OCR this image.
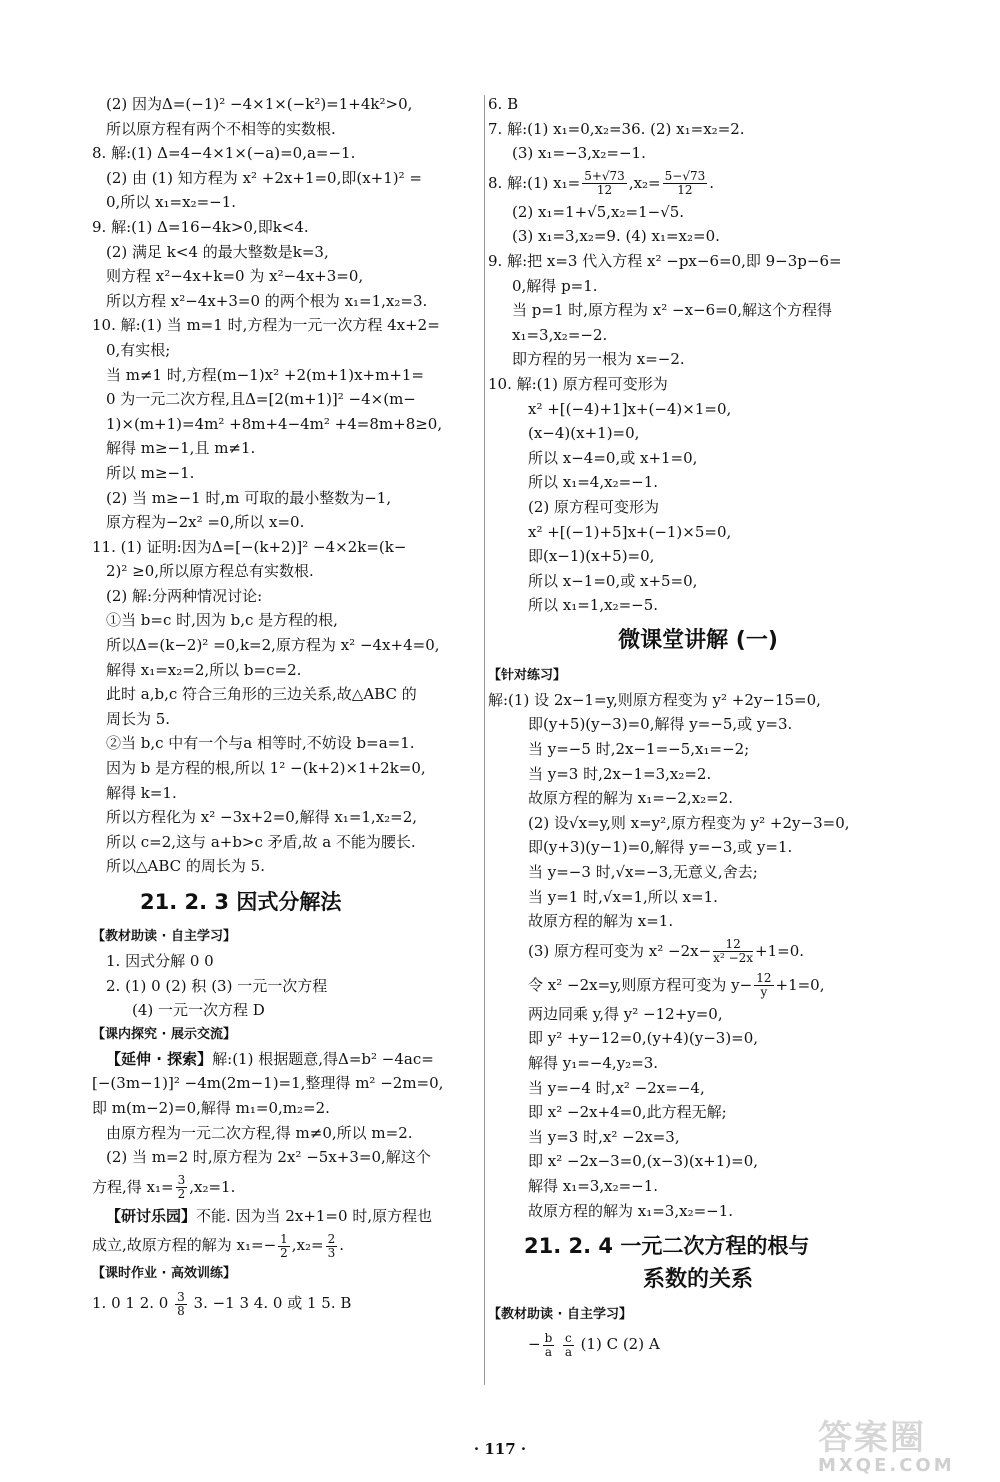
(2) 因为Δ=(−1)² −4×1×(−k²)=1+4k²>0,
所以原方程有两个不相等的实数根.
8. 解:(1) Δ=4−4×1×(−a)=0,a=−1.
(2) 由 (1) 知方程为 x² +2x+1=0,即(x+1)² =
0,所以 x₁=x₂=−1.
9. 解:(1) Δ=16−4k>0,即k<4.
(2) 满足 k<4 的最大整数是k=3,
则方程 x²−4x+k=0 为 x²−4x+3=0,
所以方程 x²−4x+3=0 的两个根为 x₁=1,x₂=3.
10. 解:(1) 当 m=1 时,方程为一元一次方程 4x+2=
0,有实根;
当 m≠1 时,方程(m−1)x² +2(m+1)x+m+1=
0 为一元二次方程,且Δ=[2(m+1)]² −4×(m−
1)×(m+1)=4m² +8m+4−4m² +4=8m+8≥0,
解得 m≥−1,且 m≠1.
所以 m≥−1.
(2) 当 m≥−1 时,m 可取的最小整数为−1,
原方程为−2x² =0,所以 x=0.
11. (1) 证明:因为Δ=[−(k+2)]² −4×2k=(k−
2)² ≥0,所以原方程总有实数根.
(2) 解:分两种情况讨论:
①当 b=c 时,因为 b,c 是方程的根,
所以Δ=(k−2)² =0,k=2,原方程为 x² −4x+4=0,
解得 x₁=x₂=2,所以 b=c=2.
此时 a,b,c 符合三角形的三边关系,故△ABC 的
周长为 5.
②当 b,c 中有一个与a 相等时,不妨设 b=a=1.
因为 b 是方程的根,所以 1² −(k+2)×1+2k=0,
解得 k=1.
所以方程化为 x² −3x+2=0,解得 x₁=1,x₂=2,
所以 c=2,这与 a+b>c 矛盾,故 a 不能为腰长.
所以△ABC 的周长为 5.
21. 2. 3 因式分解法
【教材助读 · 自主学习】
1. 因式分解 0 0
2. (1) 0 (2) 积 (3) 一元一次方程
(4) 一元一次方程 D
【课内探究 · 展示交流】
【延伸 · 探索】解:(1) 根据题意,得Δ=b² −4ac=
[−(3m−1)]² −4m(2m−1)=1,整理得 m² −2m=0,
即 m(m−2)=0,解得 m₁=0,m₂=2.
由原方程为一元二次方程,得 m≠0,所以 m=2.
(2) 当 m=2 时,原方程为 2x² −5x+3=0,解这个
方程,得 $x_1= \frac{3}{2} ,x_2=1$.
【研讨乐园】不能. 因为当 2x+1=0 时,原方程也
成立,故原方程的解为 $x_1=- \frac{1}{2} ,x_2= \frac{2}{3}$ .
【课时作业 · 高效训练】
1. 0 1 2. $0 \frac{3}{8} 3$. −1 3 4. 0 或 1 5. B
6. B
7. 解:(1) x₁=0,x₂=36. (2) x₁=x₂=2.
(3) x₁=−3,x₂=−1.
8. 解:(1) $x_1= \frac{5+√73}{12} ,x_2= \frac{5-√73}{12}$ .
(2) x₁=1+√5,x₂=1−√5.
(3) x₁=3,x₂=9. (4) x₁=x₂=0.
9. 解:把 x=3 代入方程 x² −px−6=0,即 9−3p−6=
0,解得 p=1.
当 p=1 时,原方程为 x² −x−6=0,解这个方程得
x₁=3,x₂=−2.
即方程的另一根为 x=−2.
10. 解:(1) 原方程可变形为
x² +[(−4)+1]x+(−4)×1=0,
(x−4)(x+1)=0,
所以 x−4=0,或 x+1=0,
所以 x₁=4,x₂=−1.
(2) 原方程可变形为
x² +[(−1)+5]x+(−1)×5=0,
即(x−1)(x+5)=0,
所以 x−1=0,或 x+5=0,
所以 x₁=1,x₂=−5.
微课堂讲解 (一)
【针对练习】
解:(1) 设 2x−1=y,则原方程变为 y² +2y−15=0,
即(y+5)(y−3)=0,解得 y=−5,或 y=3.
当 y=−5 时,2x−1=−5,x₁=−2;
当 y=3 时,2x−1=3,x₂=2.
故原方程的解为 x₁=−2,x₂=2.
(2) 设√x=y,则 x=y²,原方程变为 y² +2y−3=0,
即(y+3)(y−1)=0,解得 y=−3,或 y=1.
当 y=−3 时,√x=−3,无意义,舍去;
当 y=1 时,√x=1,所以 x=1.
故原方程的解为 x=1.
(3) 原方程可变为 $x^2 -2x- \frac{12}{\text{x² −2x}} +1=0$.
令 x² −2x=y,则原方程可变为 $y- \frac{12}{y} +1=0$,
两边同乘 y,得 y² −12+y=0,
即 y² +y−12=0,(y+4)(y−3)=0,
解得 y₁=−4,y₂=3.
当 y=−4 时,x² −2x=−4,
即 x² −2x+4=0,此方程无解;
当 y=3 时,x² −2x=3,
即 x² −2x−3=0,(x−3)(x+1)=0,
解得 x₁=3,x₂=−1.
故原方程的解为 x₁=3,x₂=−1.
21. 2. 4 一元二次方程的根与
系数的关系
【教材助读 · 自主学习】
− $\frac{b}{a}$
$\frac{c}{a} (1)$ C (2) A
· 117 ·	答案圈
MXQE.COM
